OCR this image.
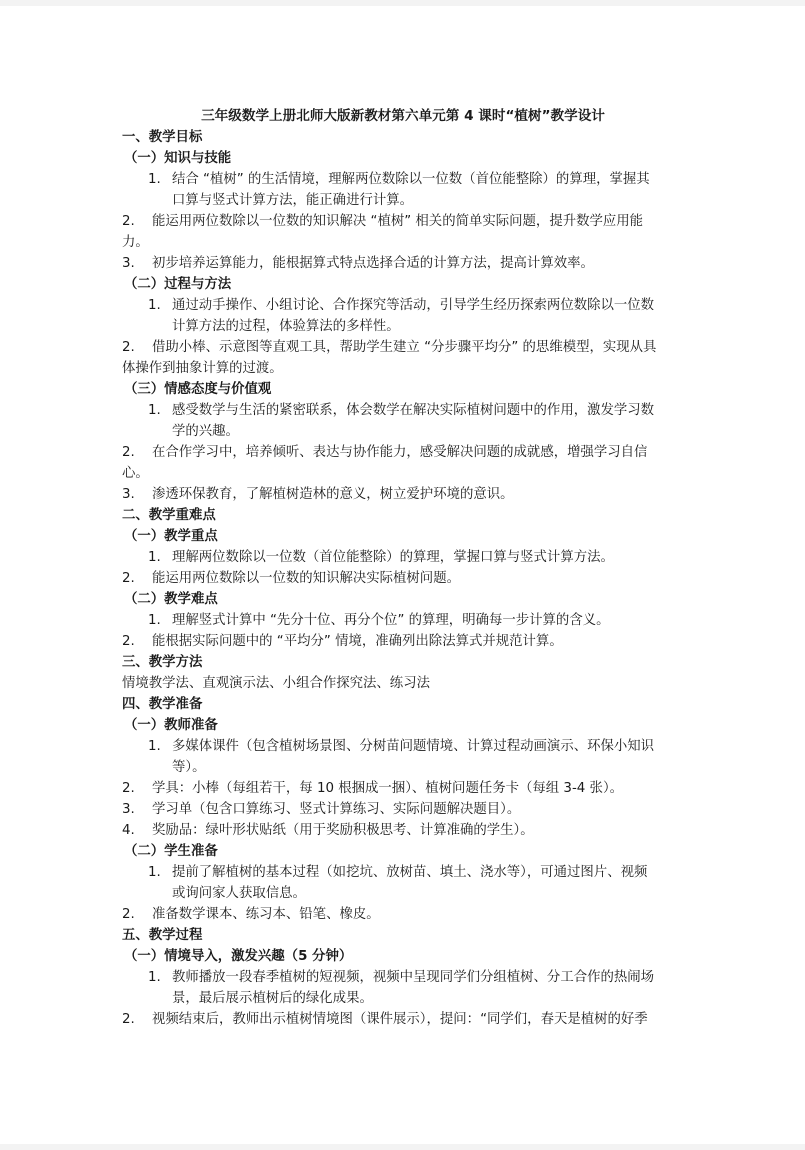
三年级数学上册北师大版新教材第六单元第 4 课时“植树”教学设计
一、教学目标
（一）知识与技能
1. 结合 “植树” 的生活情境，理解两位数除以一位数（首位能整除）的算理，掌握其
口算与竖式计算方法，能正确进行计算。
2. 能运用两位数除以一位数的知识解决 “植树” 相关的简单实际问题，提升数学应用能
力。
3. 初步培养运算能力，能根据算式特点选择合适的计算方法，提高计算效率。
（二）过程与方法
1. 通过动手操作、小组讨论、合作探究等活动，引导学生经历探索两位数除以一位数
计算方法的过程，体验算法的多样性。
2. 借助小棒、示意图等直观工具，帮助学生建立 “分步骤平均分” 的思维模型，实现从具
体操作到抽象计算的过渡。
（三）情感态度与价值观
1. 感受数学与生活的紧密联系，体会数学在解决实际植树问题中的作用，激发学习数
学的兴趣。
2. 在合作学习中，培养倾听、表达与协作能力，感受解决问题的成就感，增强学习自信
心。
3. 渗透环保教育，了解植树造林的意义，树立爱护环境的意识。
二、教学重难点
（一）教学重点
1. 理解两位数除以一位数（首位能整除）的算理，掌握口算与竖式计算方法。
2. 能运用两位数除以一位数的知识解决实际植树问题。
（二）教学难点
1. 理解竖式计算中 “先分十位、再分个位” 的算理，明确每一步计算的含义。
2. 能根据实际问题中的 “平均分” 情境，准确列出除法算式并规范计算。
三、教学方法
情境教学法、直观演示法、小组合作探究法、练习法
四、教学准备
（一）教师准备
1. 多媒体课件（包含植树场景图、分树苗问题情境、计算过程动画演示、环保小知识
等）。
2. 学具：小棒（每组若干，每 10 根捆成一捆）、植树问题任务卡（每组 3-4 张）。
3. 学习单（包含口算练习、竖式计算练习、实际问题解决题目）。
4. 奖励品：绿叶形状贴纸（用于奖励积极思考、计算准确的学生）。
（二）学生准备
1. 提前了解植树的基本过程（如挖坑、放树苗、填土、浇水等），可通过图片、视频
或询问家人获取信息。
2. 准备数学课本、练习本、铅笔、橡皮。
五、教学过程
（一）情境导入，激发兴趣（5 分钟）
1. 教师播放一段春季植树的短视频，视频中呈现同学们分组植树、分工合作的热闹场
景，最后展示植树后的绿化成果。
2. 视频结束后，教师出示植树情境图（课件展示），提问：“同学们，春天是植树的好季
